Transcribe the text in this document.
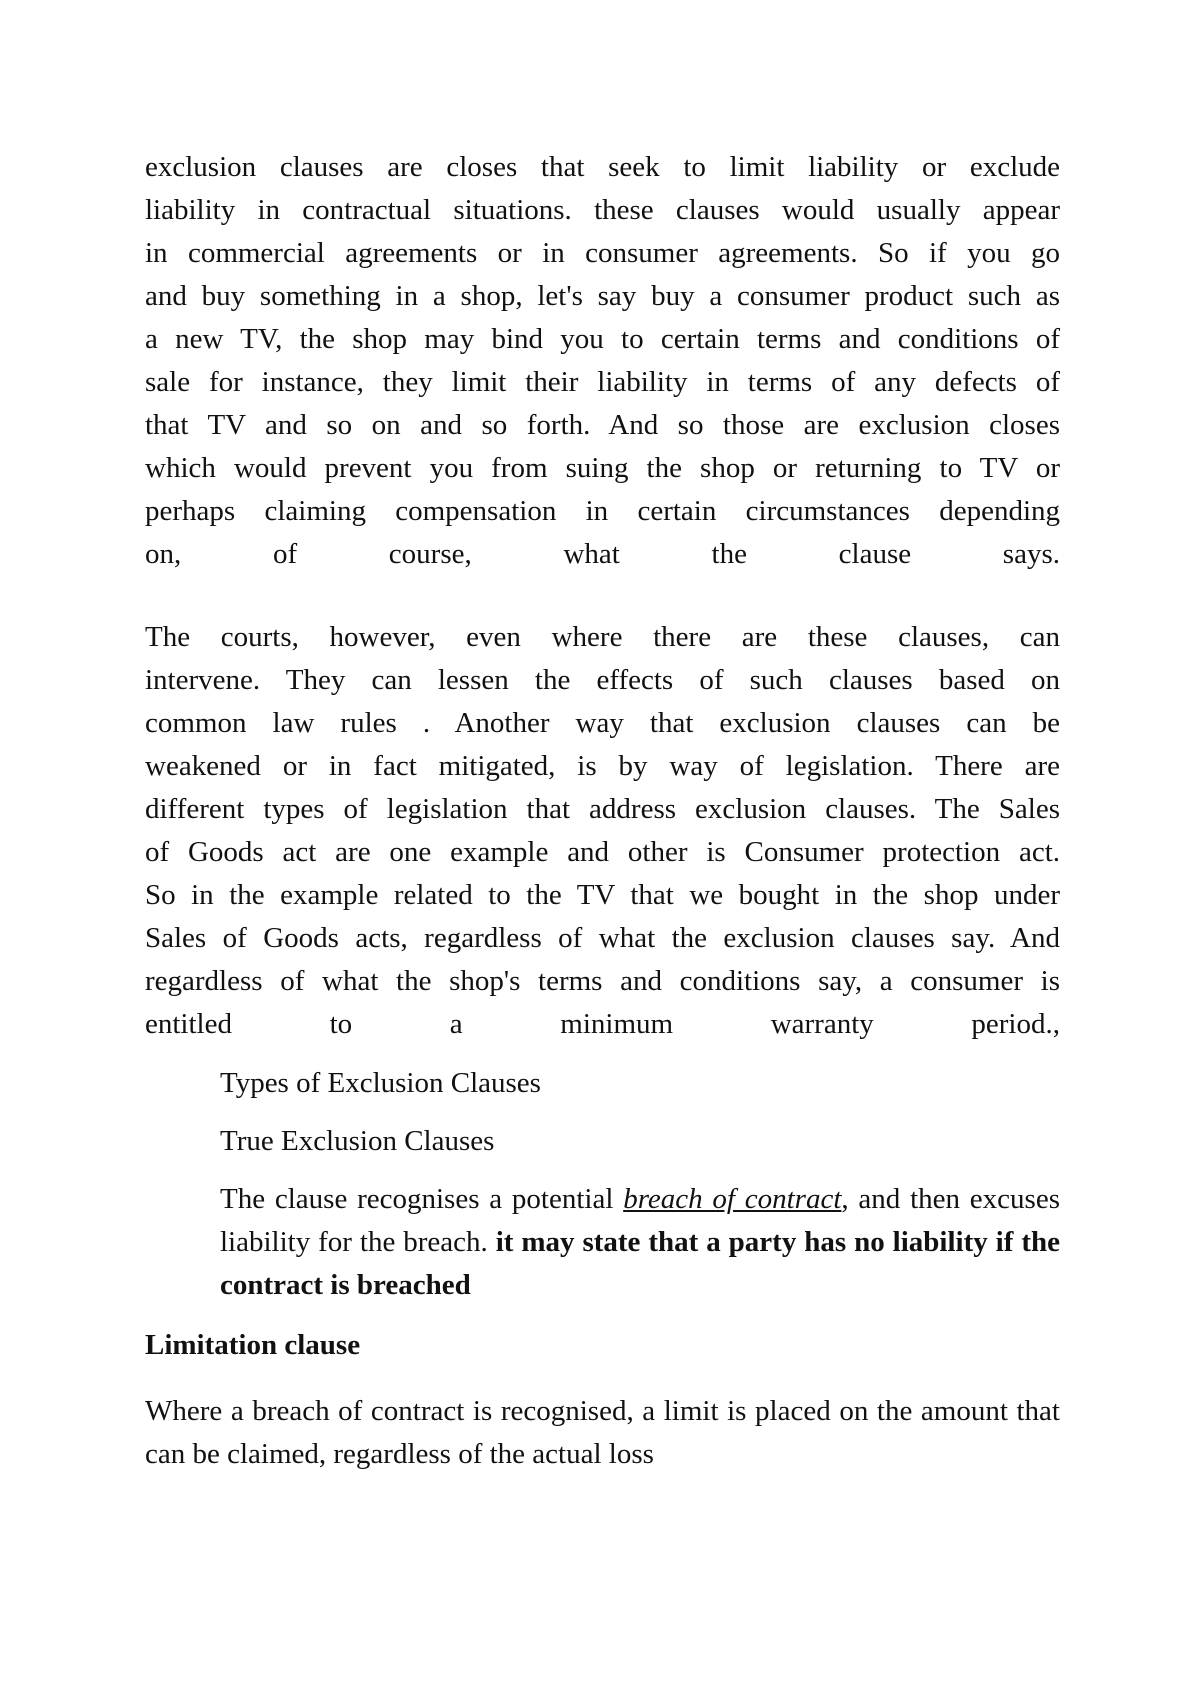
exclusion clauses are closes that seek to limit liability or exclude
liability in contractual situations. these clauses would usually appear
in commercial agreements or in consumer agreements. So if you go
and buy something in a shop, let's say buy a consumer product such as
a new TV, the shop may bind you to certain terms and conditions of
sale for instance, they limit their liability in terms of any defects of
that TV and so on and so forth. And so those are exclusion closes
which would prevent you from suing the shop or returning to TV or
perhaps claiming compensation in certain circumstances depending
on, of course, what the clause says.
The courts, however, even where there are these clauses, can
intervene. They can lessen the effects of such clauses based on
common law rules . Another way that exclusion clauses can be
weakened or in fact mitigated, is by way of legislation. There are
different types of legislation that address exclusion clauses. The Sales
of Goods act are one example and other is Consumer protection act.
So in the example related to the TV that we bought in the shop under
Sales of Goods acts, regardless of what the exclusion clauses say. And
regardless of what the shop's terms and conditions say, a consumer is
entitled to a minimum warranty period.,

Types of Exclusion Clauses

True Exclusion Clauses

The clause recognises a potential breach of contract, and then excuses liability for the breach. it may state that a party has no liability if the contract is breached

Limitation clause

Where a breach of contract is recognised, a limit is placed on the amount that can be claimed, regardless of the actual loss
